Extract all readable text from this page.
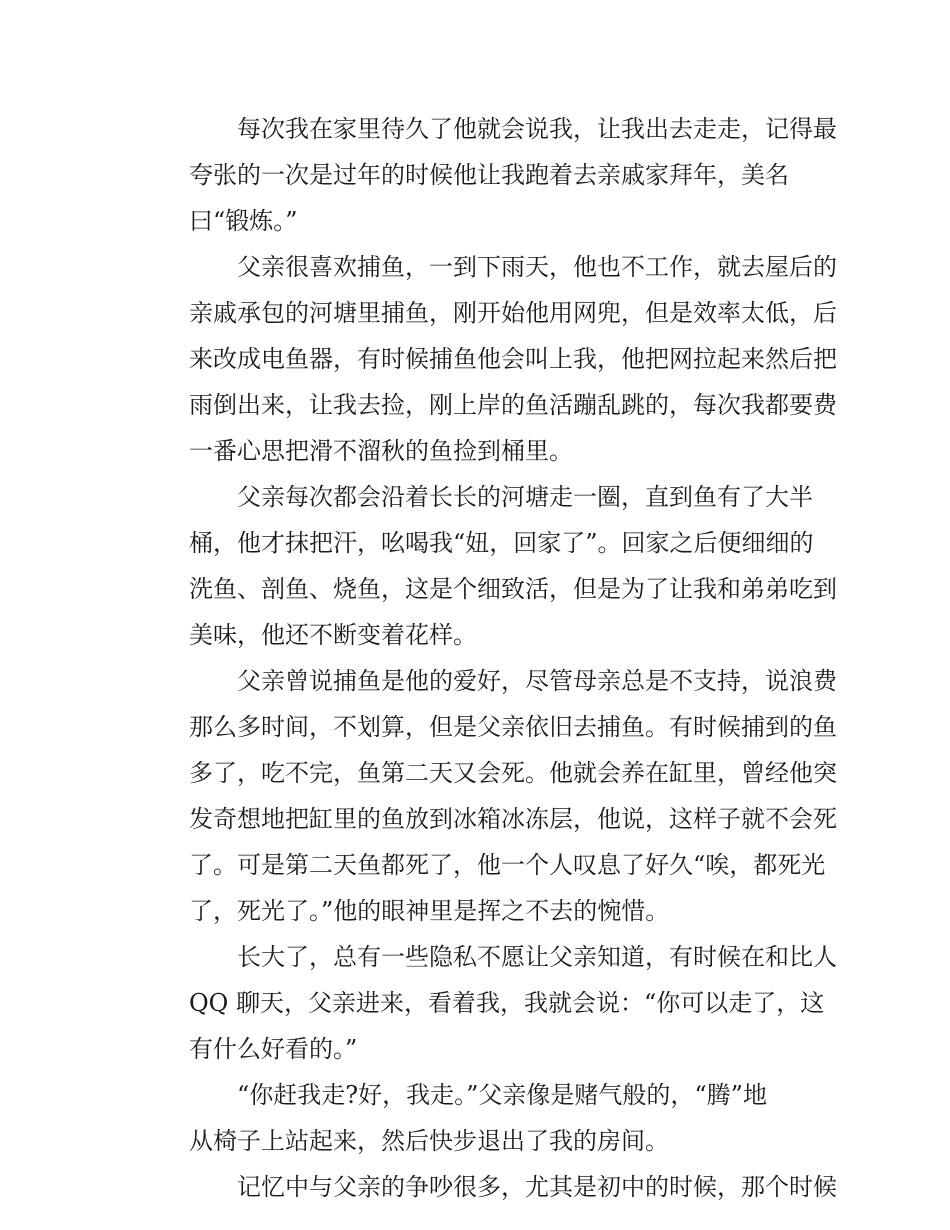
每次我在家里待久了他就会说我，让我出去走走，记得最
夸张的一次是过年的时候他让我跑着去亲戚家拜年，美名
曰“锻炼。”
父亲很喜欢捕鱼，一到下雨天，他也不工作，就去屋后的
亲戚承包的河塘里捕鱼，刚开始他用网兜，但是效率太低，后
来改成电鱼器，有时候捕鱼他会叫上我，他把网拉起来然后把
雨倒出来，让我去捡，刚上岸的鱼活蹦乱跳的，每次我都要费
一番心思把滑不溜秋的鱼捡到桶里。
父亲每次都会沿着长长的河塘走一圈，直到鱼有了大半
桶，他才抹把汗，吆喝我“妞，回家了”。回家之后便细细的
洗鱼、剖鱼、烧鱼，这是个细致活，但是为了让我和弟弟吃到
美味，他还不断变着花样。
父亲曾说捕鱼是他的爱好，尽管母亲总是不支持，说浪费
那么多时间，不划算，但是父亲依旧去捕鱼。有时候捕到的鱼
多了，吃不完，鱼第二天又会死。他就会养在缸里，曾经他突
发奇想地把缸里的鱼放到冰箱冰冻层，他说，这样子就不会死
了。可是第二天鱼都死了，他一个人叹息了好久“唉，都死光
了，死光了。”他的眼神里是挥之不去的惋惜。
长大了，总有一些隐私不愿让父亲知道，有时候在和比人
QQ 聊天，父亲进来，看着我，我就会说：“你可以走了，这
有什么好看的。”
“你赶我走?好，我走。”父亲像是赌气般的，“腾”地
从椅子上站起来，然后快步退出了我的房间。
记忆中与父亲的争吵很多，尤其是初中的时候，那个时候
